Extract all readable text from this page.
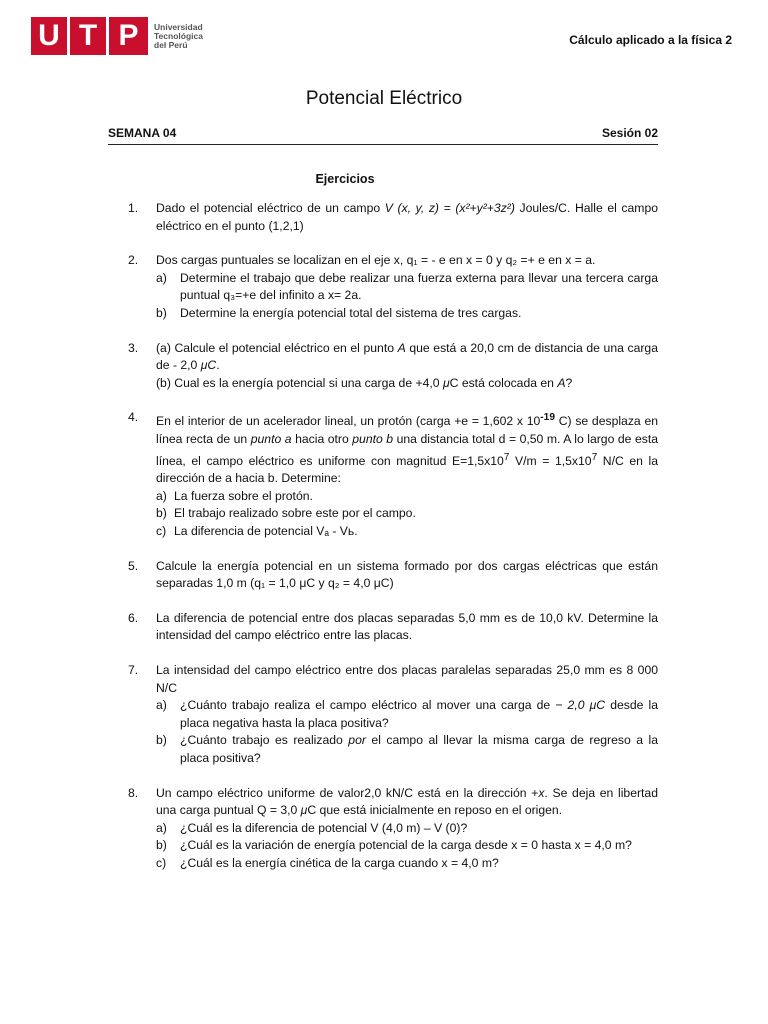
U T P	Universidad
Tecnológica
del Perú	Cálculo aplicado a la física 2
Potencial Eléctrico
SEMANA 04	Sesión 02
Ejercicios
1. Dado el potencial eléctrico de un campo V (x, y, z) = (x²+y²+3z²) Joules/C. Halle el campo eléctrico en el punto (1,2,1)
2. Dos cargas puntuales se localizan en el eje x, q₁ = - e en x = 0 y q₂ =+ e en x = a.
a) Determine el trabajo que debe realizar una fuerza externa para llevar una tercera carga puntual q₃=+e del infinito a x= 2a.
b) Determine la energía potencial total del sistema de tres cargas.
3. (a) Calcule el potencial eléctrico en el punto A que está a 20,0 cm de distancia de una carga de - 2,0 μC.
(b) Cual es la energía potencial si una carga de +4,0 μC está colocada en A?
4. En el interior de un acelerador lineal, un protón (carga +e = 1,602 x $10^{-19}$ C) se desplaza en línea recta de un punto a hacia otro punto b una distancia total d = 0,50 m. A lo largo de esta línea, el campo eléctrico es uniforme con magnitud $E=1,5x10^7$ $V/m = 1,5x10^7$ N/C en la dirección de a hacia b. Determine:
a) La fuerza sobre el protón.
b) El trabajo realizado sobre este por el campo.
c) La diferencia de potencial Vₐ - Vь.
5. Calcule la energía potencial en un sistema formado por dos cargas eléctricas que están separadas 1,0 m (q₁ = 1,0 μC y q₂ = 4,0 μC)
6. La diferencia de potencial entre dos placas separadas 5,0 mm es de 10,0 kV. Determine la intensidad del campo eléctrico entre las placas.
7. La intensidad del campo eléctrico entre dos placas paralelas separadas 25,0 mm es 8 000 N/C
a) ¿Cuánto trabajo realiza el campo eléctrico al mover una carga de − 2,0 μC desde la placa negativa hasta la placa positiva?
b) ¿Cuánto trabajo es realizado por el campo al llevar la misma carga de regreso a la placa positiva?
8. Un campo eléctrico uniforme de valor2,0 kN/C está en la dirección +x. Se deja en libertad una carga puntual Q = 3,0 μC que está inicialmente en reposo en el origen.
a) ¿Cuál es la diferencia de potencial V (4,0 m) – V (0)?
b) ¿Cuál es la variación de energía potencial de la carga desde x = 0 hasta x = 4,0 m?
c) ¿Cuál es la energía cinética de la carga cuando x = 4,0 m?
